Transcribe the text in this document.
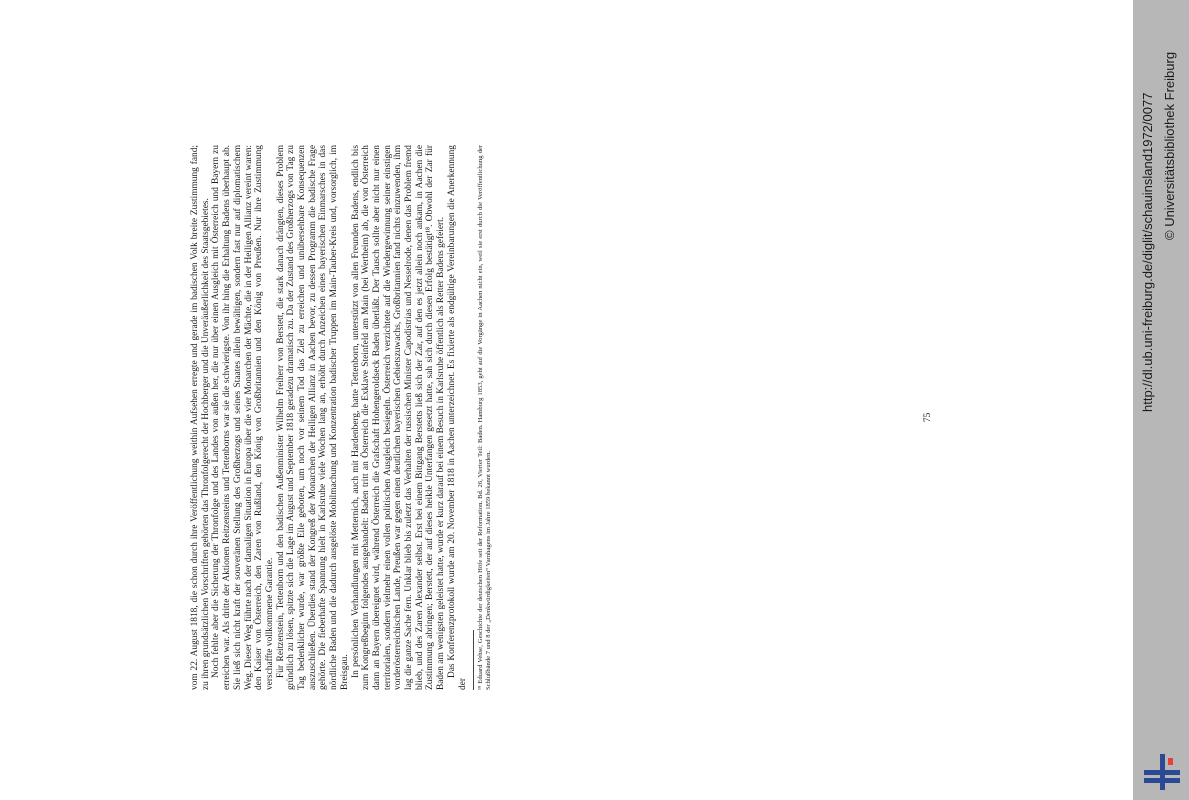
vom 22. August 1818, die schon durch ihre Veröffentlichung weithin Aufsehen erregte und gerade im badischen Volk breite Zustimmung fand; zu ihren grundsätzlichen Vorschriften gehörten das Thronfolgerecht der Hochberger und die Unveräußerlichkeit des Staatsgebietes. Noch fehlte aber die Sicherung der Thronfolge und des Landes von außen her, die nur über einen Ausgleich mit Österreich und Bayern zu erreichen war. Als dritte der Aktionen Reitzensteins und Tettenborns war sie die schwierigste. Von ihr hing die Erhaltung Badens überhaupt ab. Sie ließ sich nicht kraft der souveränen Stellung des Großherzogs und seines Staates allein bewältigen, sondern fast nur auf diplomatischem Weg. Dieser Weg führte nach der damaligen Situation in Europa über die vier Monarchen der Mächte, die in der Heiligen Allianz vereint waren: den Kaiser von Österreich, den Zaren von Rußland, den König von Großbritannien und den König von Preußen. Nur ihre Zustimmung verschaffte vollkommene Garantie. Für Reitzenstein, Tettenborn und den badischen Außenminister Wilhelm Freiherr von Berstett, die stark danach drängten, dieses Problem gründlich zu lösen, spitzte sich die Lage im August und September 1818 geradezu dramatisch zu. Da der Zustand des Großherzogs von Tag zu Tag bedenklicher wurde, war größte Eile geboten, um noch vor seinem Tod das Ziel zu erreichen und unübersehbare Konsequenzen auszuschließen. Überdies stand der Kongreß der Monarchen der Heiligen Allianz in Aachen bevor, zu dessen Programm die badische Frage gehörte. Die fieberhafte Spannung hielt in Karlsruhe viele Wochen lang an, erhöht durch Anzeichen eines bayerischen Einmarsches in das nördliche Baden und die dadurch ausgelöste Mobilmachung und Konzentration badischer Truppen im Main-Tauber-Kreis und, vorsorglich, im Breisgau. In persönlichen Verhandlungen mit Metternich, auch mit Hardenberg, hatte Tettenborn, unterstützt von allen Freunden Badens, endlich bis zum Kongreßbeginn folgendes ausgehandelt: Baden tritt an Österreich die Exklave Steinfeld am Main (bei Wertheim) ab, die von Österreich dann an Bayern übereignet wird, während Österreich die Grafschaft Hohengeroldseck Baden überläßt. Der Tausch sollte aber nicht nur einen territorialen, sondern vielmehr einen vollen politischen Ausgleich besiegeln. Österreich verzichtete auf die Wiedergewinnung seiner einstigen vorderösterreichischen Lande, Preußen war gegen einen deutlichen bayerischen Gebietszuwachs, Großbritannien fand nichts einzuwenden, ihm lag die ganze Sache fern. Unklar blieb bis zuletzt das Verhalten der russischen Minister Capodistrias und Nesselrode, denen das Problem fremd blieb, und des Zaren Alexander selbst. Erst bei einem Bittgang Berstetts ließ sich der Zar, auf den es jetzt allein noch ankam, in Aachen die Zustimmung abringen; Berstett, der auf dieses heikle Unterfangen gesetzt hatte, sah sich durch diesen Erfolg bestätigt¹⁸. Obwohl der Zar für Baden am wenigsten geleistet hatte, wurde er kurz darauf bei einem Besuch in Karlsruhe öffentlich als Retter Badens gefeiert. Das Konferenzprotokoll wurde am 20. November 1818 in Aachen unterzeichnet. Es fixierte als endgültige Vereinbarungen die Anerkennung der ¹⁸ Eduard Vehse, Geschichte der deutschen Höfe seit der Reformation. Bd. 26, Vierter Teil: Baden. Hamburg 1853, geht auf die Vorgänge in Aachen nicht ein, weil sie erst durch die Veröffentlichung der Schlußbände 7 und 8 der „Denkwürdigkeiten“ Varnhagens im Jahre 1859 bekannt wurden.

75
http://dl.ub.uni-freiburg.de/diglit/schauinsland1972/0077 © Universitätsbibliothek Freiburg
